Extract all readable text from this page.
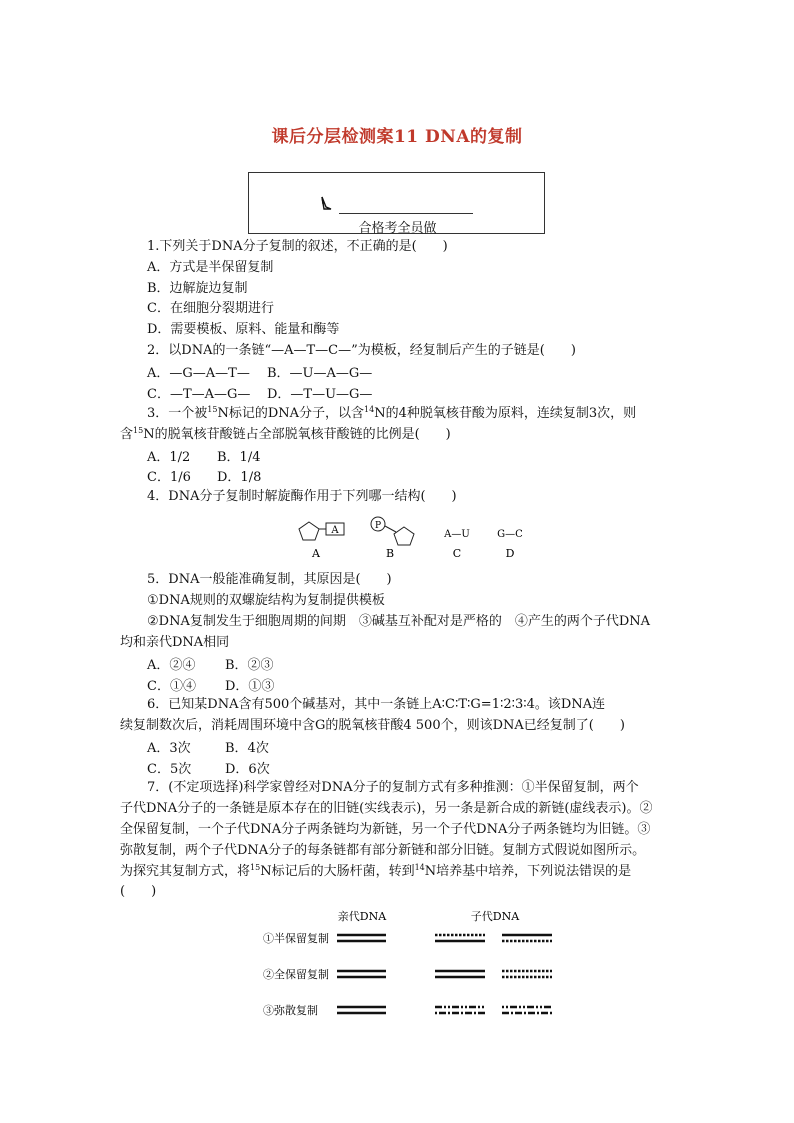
课后分层检测案11 DNA的复制
合格考全员做
1.下列关于DNA分子复制的叙述，不正确的是(　　)
A．方式是半保留复制
B．边解旋边复制
C．在细胞分裂期进行
D．需要模板、原料、能量和酶等
2．以DNA的一条链“—A—T—C—”为模板，经复制后产生的子链是(　　)
A．—G—A—T— B．—U—A—G—
C．—T—A—G— D．—T—U—G—
3．一个被$^{15}$N标记的DNA分子，以含$^{14}$N的4种脱氧核苷酸为原料，连续复制3次，则
含$^{15}$N的脱氧核苷酸链占全部脱氧核苷酸链的比例是(　　)
A．1/2 B．1/4
C．1/6 D．1/8
4．DNA分子复制时解旋酶作用于下列哪一结构(　　)
A	P
A—U	G—C
A	B	C	D
5．DNA一般能准确复制，其原因是(　　)
①DNA规则的双螺旋结构为复制提供模板
②DNA复制发生于细胞周期的间期　③碱基互补配对是严格的　④产生的两个子代DNA
均和亲代DNA相同
A．②④ B．②③
C．①④ D．①③
6．已知某DNA含有500个碱基对，其中一条链上A∶C∶T∶G=1∶2∶3∶4。该DNA连
续复制数次后，消耗周围环境中含G的脱氧核苷酸4 500个，则该DNA已经复制了(　　)
A．3次	B．4次
C．5次	D．6次
7．(不定项选择)科学家曾经对DNA分子的复制方式有多种推测：①半保留复制，两个
子代DNA分子的一条链是原本存在的旧链(实线表示)，另一条是新合成的新链(虚线表示)。②
全保留复制，一个子代DNA分子两条链均为新链，另一个子代DNA分子两条链均为旧链。③
弥散复制，两个子代DNA分子的每条链都有部分新链和部分旧链。复制方式假说如图所示。
为探究其复制方式，将$^{15}$N标记后的大肠杆菌，转到$^{14}$N培养基中培养，下列说法错误的是
(　　)
亲代DNA	子代DNA
①半保留复制
②全保留复制
③弥散复制
